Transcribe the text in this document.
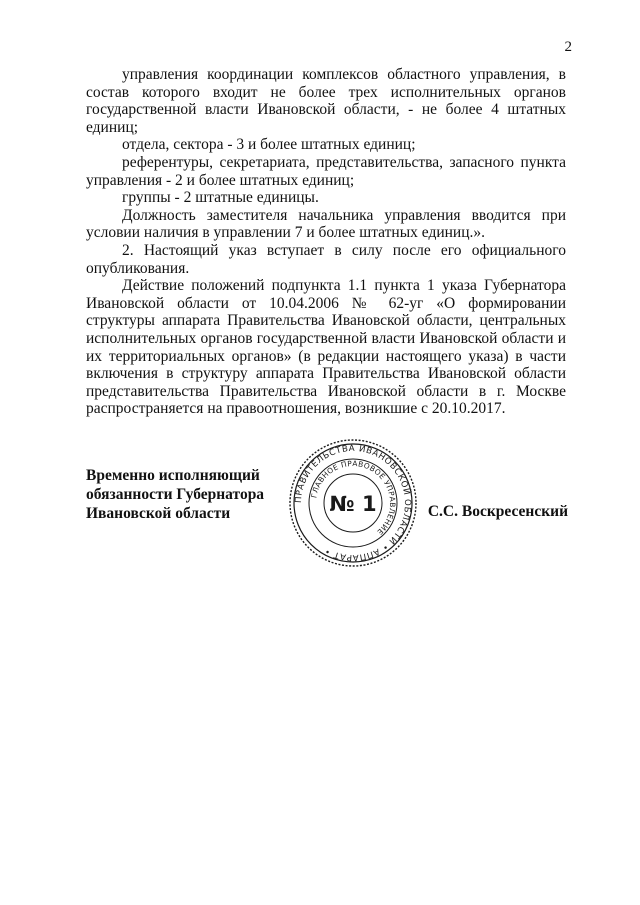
2

управления координации комплексов областного управления, в состав которого входит не более трех исполнительных органов государственной власти Ивановской области, - не более 4 штатных единиц;

отдела, сектора - 3 и более штатных единиц;

референтуры, секретариата, представительства, запасного пункта управления - 2 и более штатных единиц;

группы - 2 штатные единицы.

Должность заместителя начальника управления вводится при условии наличия в управлении 7 и более штатных единиц.».

2. Настоящий указ вступает в силу после его официального опубликования.

Действие положений подпункта 1.1 пункта 1 указа Губернатора Ивановской области от 10.04.2006 № 62-уг «О формировании структуры аппарата Правительства Ивановской области, центральных исполнительных органов государственной власти Ивановской области и их территориальных органов» (в редакции настоящего указа) в части включения в структуру аппарата Правительства Ивановской области представительства Правительства Ивановской области в г. Москве распространяется на правоотношения, возникшие с 20.10.2017.

Временно исполняющий
обязанности Губернатора
Ивановской области
ПРАВИТЕЛЬСТВА ИВАНОВСКОЙ ОБЛАСТИ • АППАРАТ •
ГЛАВНОЕ ПРАВОВОЕ УПРАВЛЕНИЕ
№ 1	С.С. Воскресенский
